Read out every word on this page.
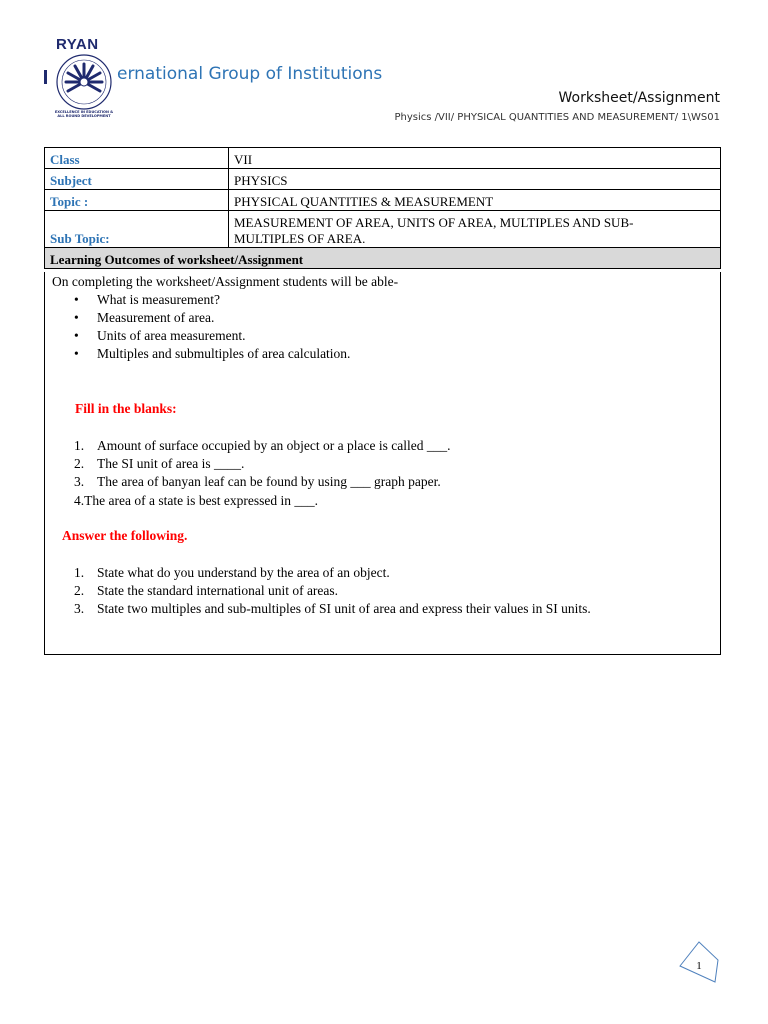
RYAN
EXCELLENCE IN EDUCATION & ALL ROUND DEVELOPMENT
ernational Group of Institutions
Worksheet/Assignment
Physics /VII/ PHYSICAL QUANTITIES AND MEASUREMENT/ 1\WS01
Class	VII
Subject	PHYSICS
Topic :	PHYSICAL QUANTITIES & MEASUREMENT
Sub Topic:	MEASUREMENT OF AREA, UNITS OF AREA, MULTIPLES AND SUB-
MULTIPLES OF AREA.

Learning Outcomes of worksheet/Assignment	
On completing the worksheet/Assignment students will be able-
• What is measurement?
• Measurement of area.
• Units of area measurement.
• Multiples and submultiples of area calculation.
Fill in the blanks:
1. Amount of surface occupied by an object or a place is called ___.
2. The SI unit of area is ____.
3. The area of banyan leaf can be found by using ___ graph paper.
4.The area of a state is best expressed in ___.
Answer the following.
1. State what do you understand by the area of an object.
2. State the standard international unit of areas.
3. State two multiples and sub-multiples of SI unit of area and express their values in SI units.
1
